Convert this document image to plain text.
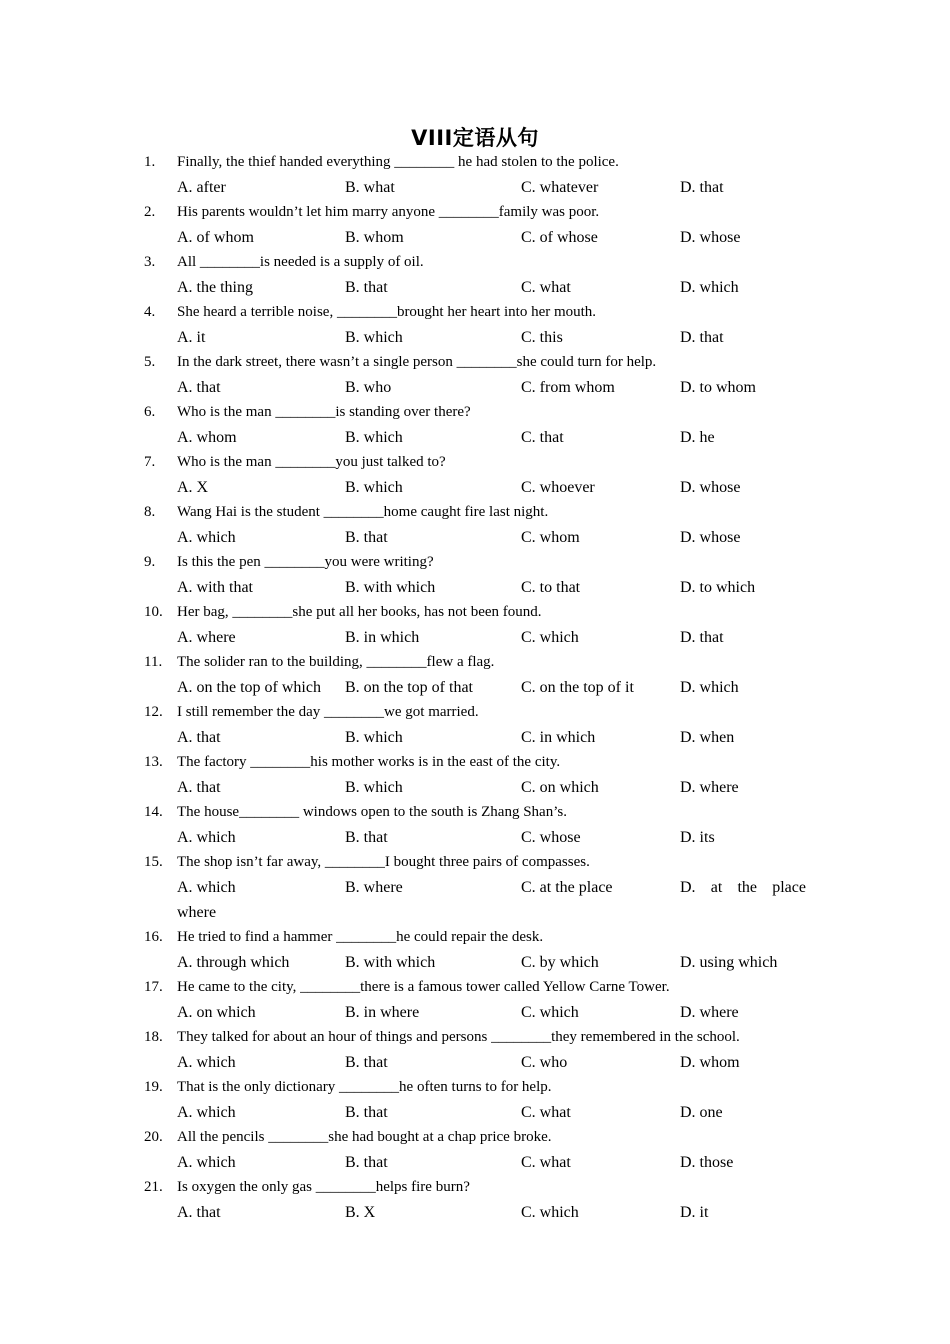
VIII定语从句
1. Finally, the thief handed everything ________ he had stolen to the police.
A. after	B. what	C. whatever	D. that
2. His parents wouldn’t let him marry anyone ________family was poor.
A. of whom	B. whom	C. of whose	D. whose
3. All ________is needed is a supply of oil.
A. the thing	B. that	C. what	D. which
4. She heard a terrible noise, ________brought her heart into her mouth.
A. it	B. which	C. this	D. that
5. In the dark street, there wasn’t a single person ________she could turn for help.
A. that	B. who	C. from whom	D. to whom
6. Who is the man ________is standing over there?
A. whom	B. which	C. that	D. he
7. Who is the man ________you just talked to?
A. X	B. which	C. whoever	D. whose
8. Wang Hai is the student ________home caught fire last night.
A. which	B. that	C. whom	D. whose
9. Is this the pen ________you were writing?
A. with that	B. with which	C. to that	D. to which
10. Her bag, ________she put all her books, has not been found.
A. where	B. in which	C. which	D. that
11. The solider ran to the building, ________flew a flag.
A. on the top of which B. on the top of that	C. on the top of it	D. which
12. I still remember the day ________we got married.
A. that	B. which	C. in which	D. when
13. The factory ________his mother works is in the east of the city.
A. that	B. which	C. on which	D. where
14. The house________ windows open to the south is Zhang Shan’s.
A. which	B. that	C. whose	D. its
15. The shop isn’t far away, ________I bought three pairs of compasses.
A. which	B. where	C. at the place	D. at the place
where
16. He tried to find a hammer ________he could repair the desk.
A. through which	B. with which	C. by which	D. using which
17. He came to the city, ________there is a famous tower called Yellow Carne Tower.
A. on which	B. in where	C. which	D. where
18. They talked for about an hour of things and persons ________they remembered in the school.
A. which	B. that	C. who	D. whom
19. That is the only dictionary ________he often turns to for help.
A. which	B. that	C. what	D. one
20. All the pencils ________she had bought at a chap price broke.
A. which	B. that	C. what	D. those
21. Is oxygen the only gas ________helps fire burn?
A. that	B. X	C. which	D. it
